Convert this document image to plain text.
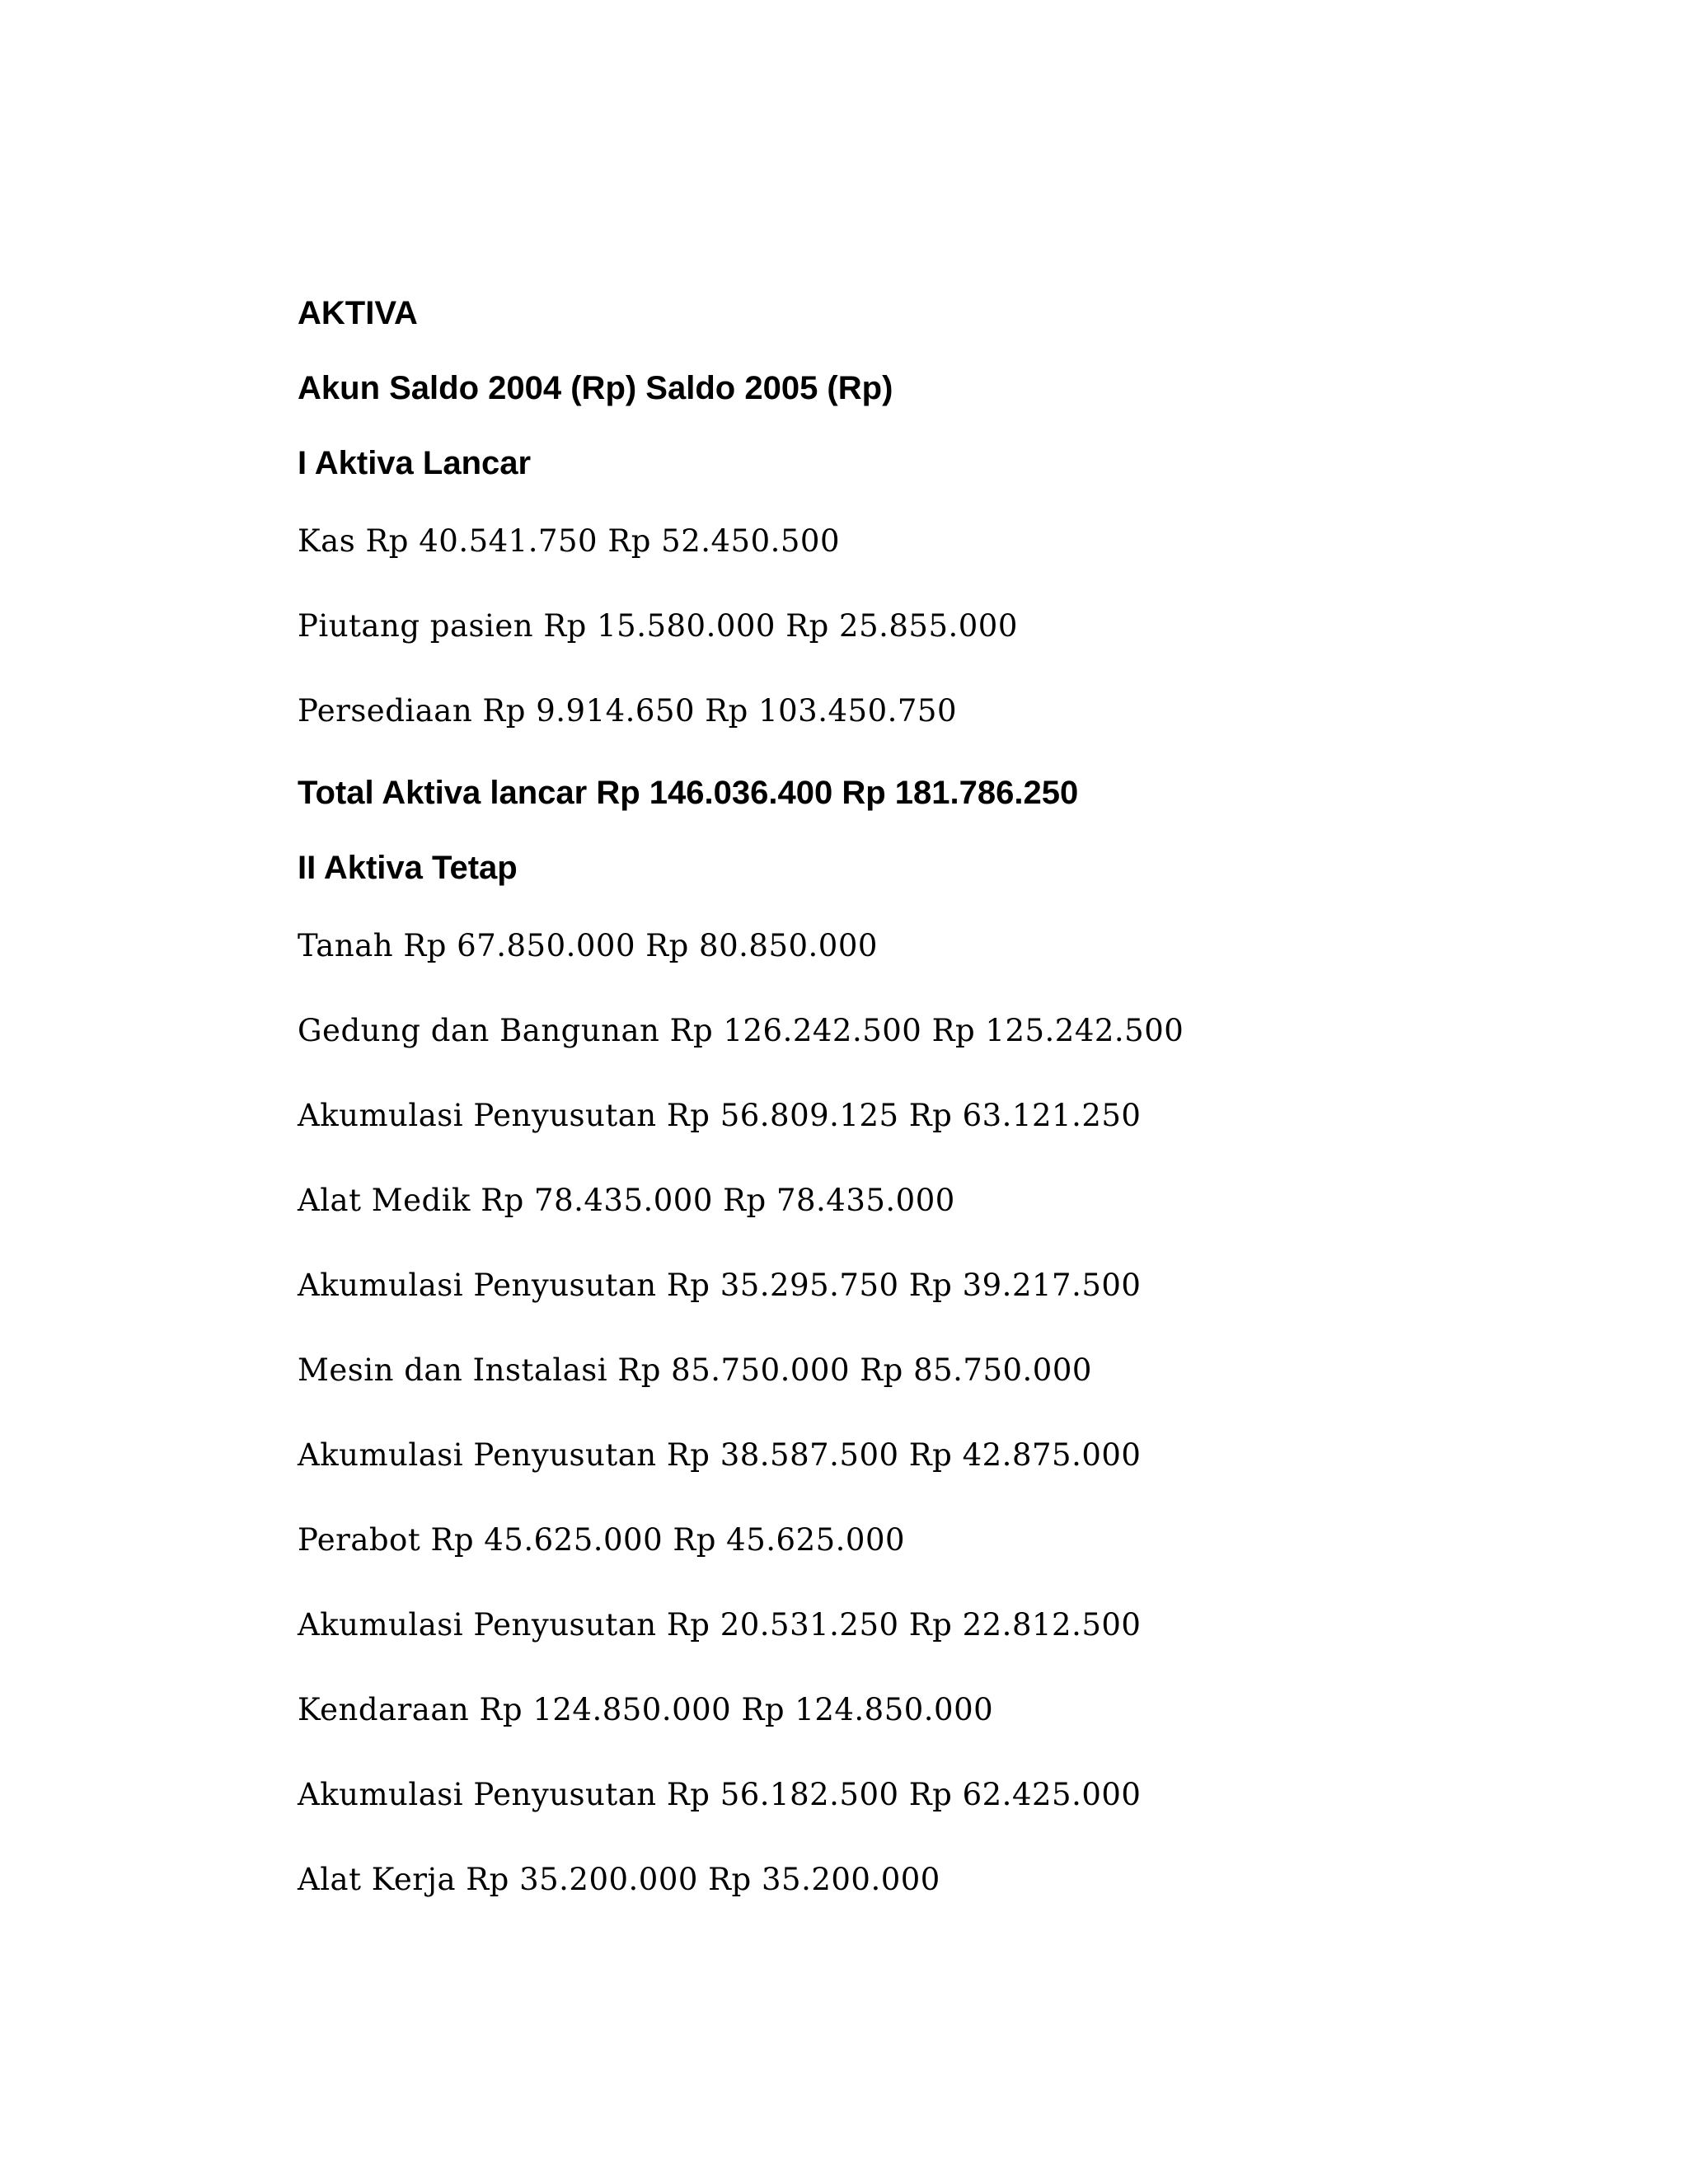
AKTIVA
Akun Saldo 2004 (Rp) Saldo 2005 (Rp)
I Aktiva Lancar
Kas Rp 40.541.750 Rp 52.450.500
Piutang pasien Rp 15.580.000 Rp 25.855.000
Persediaan Rp 9.914.650 Rp 103.450.750
Total Aktiva lancar Rp 146.036.400 Rp 181.786.250
II Aktiva Tetap
Tanah Rp 67.850.000 Rp 80.850.000
Gedung dan Bangunan Rp 126.242.500 Rp 125.242.500
Akumulasi Penyusutan Rp 56.809.125 Rp 63.121.250
Alat Medik Rp 78.435.000 Rp 78.435.000
Akumulasi Penyusutan Rp 35.295.750 Rp 39.217.500
Mesin dan Instalasi Rp 85.750.000 Rp 85.750.000
Akumulasi Penyusutan Rp 38.587.500 Rp 42.875.000
Perabot Rp 45.625.000 Rp 45.625.000
Akumulasi Penyusutan Rp 20.531.250 Rp 22.812.500
Kendaraan Rp 124.850.000 Rp 124.850.000
Akumulasi Penyusutan Rp 56.182.500 Rp 62.425.000
Alat Kerja Rp 35.200.000 Rp 35.200.000
